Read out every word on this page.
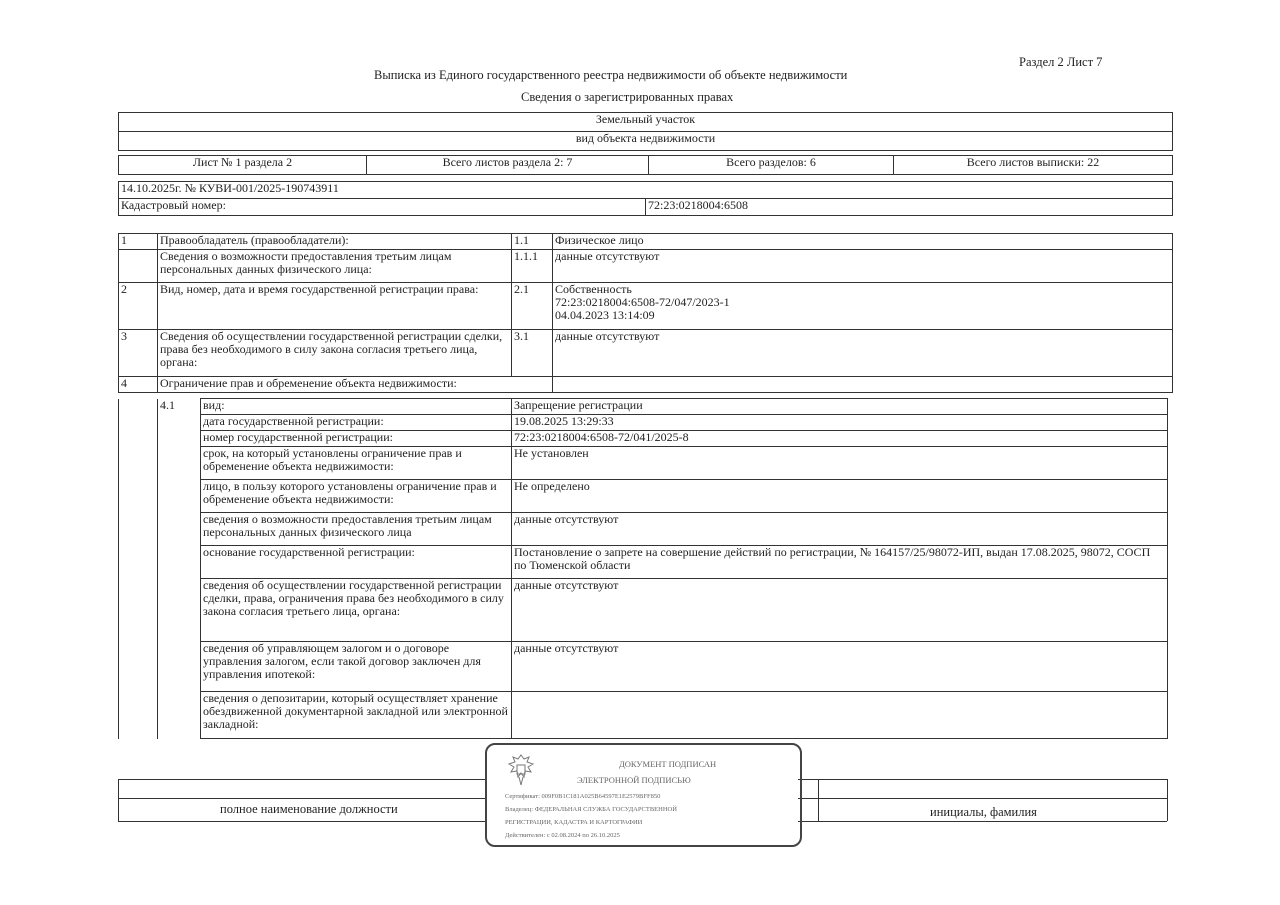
Раздел 2 Лист 7
Выписка из Единого государственного реестра недвижимости об объекте недвижимости
Сведения о зарегистрированных правах
Земельный участок
вид объекта недвижимости
Лист № 1 раздела 2	Всего листов раздела 2: 7	Всего разделов: 6	Всего листов выписки: 22
14.10.2025г. № КУВИ-001/2025-190743911
Кадастровый номер:	72:23:0218004:6508
1	Правообладатель (правообладатели):	1.1	Физическое лицо
	Сведения о возможности предоставления третьим лицам персональных данных физического лица:	1.1.1	данные отсутствуют
2	Вид, номер, дата и время государственной регистрации права:	2.1	Собственность
72:23:0218004:6508-72/047/2023-1
04.04.2023 13:14:09

3	Сведения об осуществлении государственной регистрации сделки, права без необходимого в силу закона согласия третьего лица, органа:	3.1	данные отсутствуют
4	Ограничение прав и обременение объекта недвижимости:		
	4.1	вид:	Запрещение регистрации
		дата государственной регистрации:	19.08.2025 13:29:33
		номер государственной регистрации:	72:23:0218004:6508-72/041/2025-8
		срок, на который установлены ограничение прав и обременение объекта недвижимости:	Не установлен
		лицо, в пользу которого установлены ограничение прав и обременение объекта недвижимости:	Не определено
		сведения о возможности предоставления третьим лицам персональных данных физического лица	данные отсутствуют
		основание государственной регистрации:	Постановление о запрете на совершение действий по регистрации, № 164157/25/98072-ИП, выдан 17.08.2025, 98072, СОСП по Тюменской области
		сведения об осуществлении государственной регистрации сделки, права, ограничения права без необходимого в силу закона согласия третьего лица, органа:	данные отсутствуют
		сведения об управляющем залогом и о договоре управления залогом, если такой договор заключен для управления ипотекой:	данные отсутствуют
		сведения о депозитарии, который осуществляет хранение обездвиженной документарной закладной или электронной закладной:	
полное наименование должности	инициалы, фамилия
ДОКУМЕНТ ПОДПИСАН
ЭЛЕКТРОННОЙ ПОДПИСЬЮ
Сертификат: 009F0B1C181A025B64597E1E2579BFF850
Владелец: ФЕДЕРАЛЬНАЯ СЛУЖБА ГОСУДАРСТВЕННОЙ
РЕГИСТРАЦИИ, КАДАСТРА И КАРТОГРАФИИ
Действителен: с 02.08.2024 по 26.10.2025
